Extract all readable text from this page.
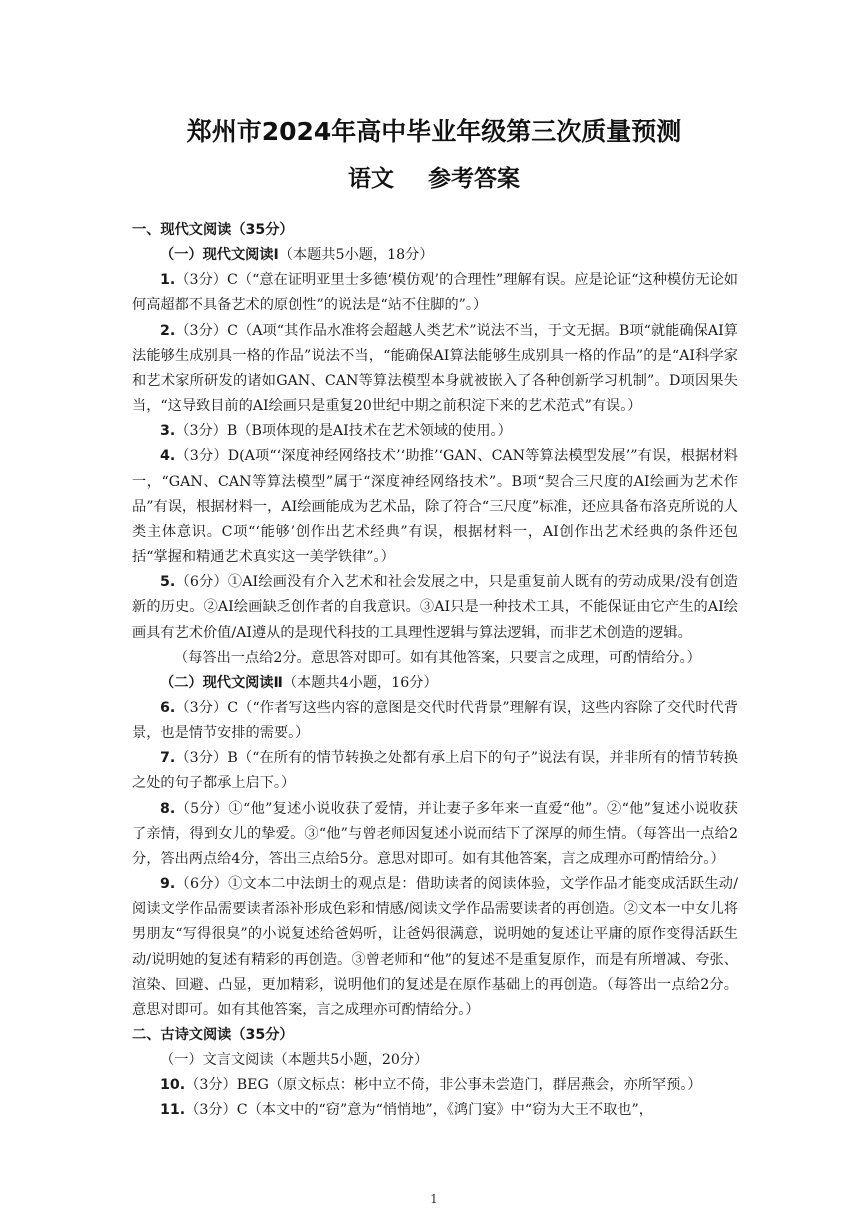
郑州市2024年高中毕业年级第三次质量预测
语文 参考答案

一、现代文阅读（35分）

（一）现代文阅读Ⅰ（本题共5小题，18分）

1.（3分）C（“意在证明亚里士多德‘模仿观’的合理性”理解有误。应是论证“这种模仿无论如何高超都不具备艺术的原创性”的说法是“站不住脚的”。）

2.（3分）C（A项“其作品水准将会超越人类艺术”说法不当，于文无据。B项“就能确保AI算法能够生成别具一格的作品”说法不当，“能确保AI算法能够生成别具一格的作品”的是“AI科学家和艺术家所研发的诸如GAN、CAN等算法模型本身就被嵌入了各种创新学习机制”。D项因果失当，“这导致目前的AI绘画只是重复20世纪中期之前积淀下来的艺术范式”有误。）

3.（3分）B（B项体现的是AI技术在艺术领域的使用。）

4.（3分）D(A项“‘深度神经网络技术’‘助推’‘GAN、CAN等算法模型发展’”有误，根据材料一，“GAN、CAN等算法模型”属于“深度神经网络技术”。B项“契合三尺度的AI绘画为艺术作品”有误，根据材料一，AI绘画能成为艺术品，除了符合“三尺度”标准，还应具备布洛克所说的人类主体意识。C项“‘能够’创作出艺术经典”有误，根据材料一，AI创作出艺术经典的条件还包括“掌握和精通艺术真实这一美学铁律”。）

5.（6分）①AI绘画没有介入艺术和社会发展之中，只是重复前人既有的劳动成果/没有创造新的历史。②AI绘画缺乏创作者的自我意识。③AI只是一种技术工具，不能保证由它产生的AI绘画具有艺术价值/AI遵从的是现代科技的工具理性逻辑与算法逻辑，而非艺术创造的逻辑。

（每答出一点给2分。意思答对即可。如有其他答案，只要言之成理，可酌情给分。）

（二）现代文阅读Ⅱ（本题共4小题，16分）

6.（3分）C（“作者写这些内容的意图是交代时代背景”理解有误，这些内容除了交代时代背景，也是情节安排的需要。）

7.（3分）B（“在所有的情节转换之处都有承上启下的句子”说法有误，并非所有的情节转换之处的句子都承上启下。）

8.（5分）①“他”复述小说收获了爱情，并让妻子多年来一直爱“他”。②“他”复述小说收获了亲情，得到女儿的挚爱。③“他”与曾老师因复述小说而结下了深厚的师生情。（每答出一点给2分，答出两点给4分，答出三点给5分。意思对即可。如有其他答案，言之成理亦可酌情给分。）

9.（6分）①文本二中法朗士的观点是：借助读者的阅读体验，文学作品才能变成活跃生动/阅读文学作品需要读者添补形成色彩和情感/阅读文学作品需要读者的再创造。②文本一中女儿将男朋友“写得很臭”的小说复述给爸妈听，让爸妈很满意，说明她的复述让平庸的原作变得活跃生动/说明她的复述有精彩的再创造。③曾老师和“他”的复述不是重复原作，而是有所增减、夸张、渲染、回避、凸显，更加精彩，说明他们的复述是在原作基础上的再创造。（每答出一点给2分。意思对即可。如有其他答案，言之成理亦可酌情给分。）

二、古诗文阅读（35分）

（一）文言文阅读（本题共5小题，20分）

10.（3分）BEG（原文标点：彬中立不倚，非公事未尝造门，群居燕会，亦所罕预。）

11.（3分）C（本文中的“窃”意为“悄悄地”，《鸿门宴》中“窃为大王不取也”，

1
